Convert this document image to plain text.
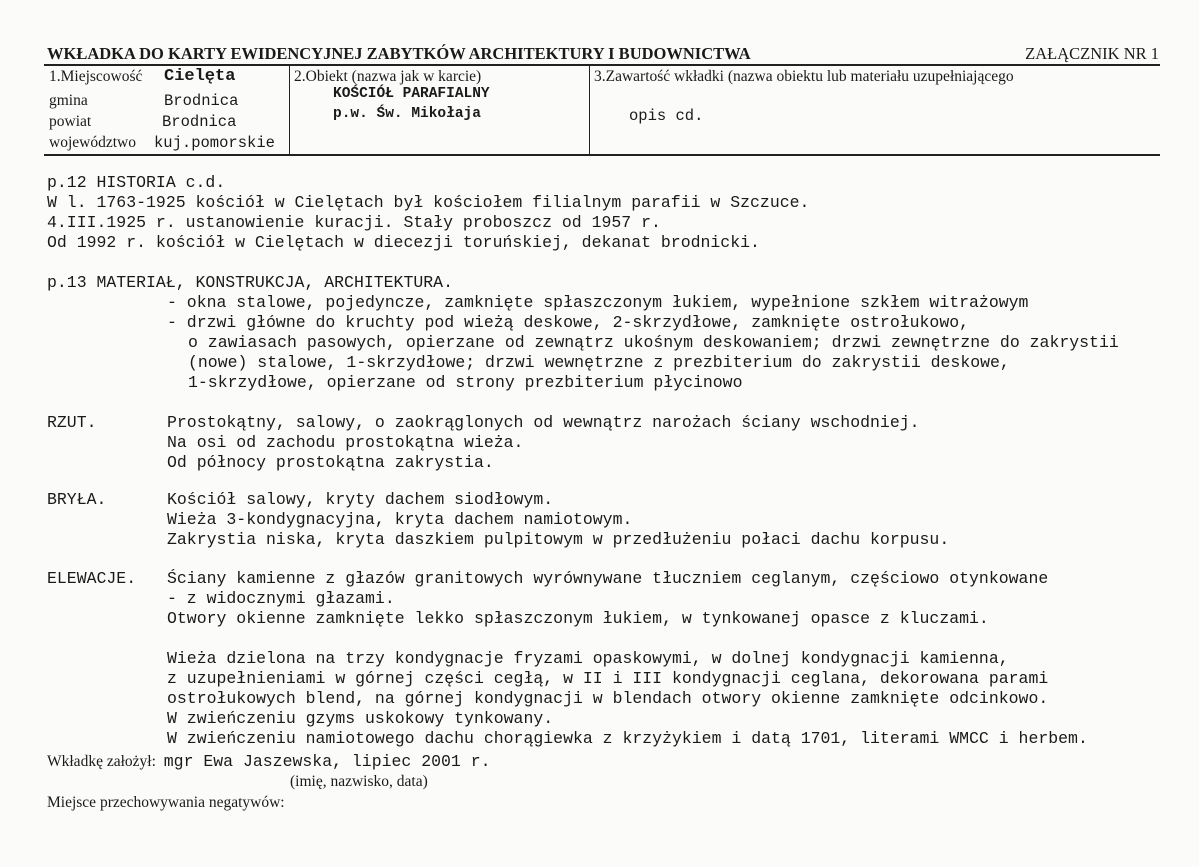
WKŁADKA DO KARTY EWIDENCYJNEJ ZABYTKÓW ARCHITEKTURY I BUDOWNICTWA	ZAŁĄCZNIK NR 1
1.Miejscowość Cielęta
gmina	Brodnica
powiat	Brodnica
województwo kuj.pomorskie
2.Obiekt (nazwa jak w karcie)
KOŚCIÓŁ PARAFIALNY
p.w. Św. Mikołaja
3.Zawartość wkładki (nazwa obiektu lub materiału uzupełniającego
opis cd.
p.12 HISTORIA c.d.
W l. 1763-1925 kościół w Cielętach był kościołem filialnym parafii w Szczuce.
4.III.1925 r. ustanowienie kuracji. Stały proboszcz od 1957 r.
Od 1992 r. kościół w Cielętach w diecezji toruńskiej, dekanat brodnicki.
p.13 MATERIAŁ, KONSTRUKCJA, ARCHITEKTURA.
- okna stalowe, pojedyncze, zamknięte spłaszczonym łukiem, wypełnione szkłem witrażowym
- drzwi główne do kruchty pod wieżą deskowe, 2-skrzydłowe, zamknięte ostrołukowo,
o zawiasach pasowych, opierzane od zewnątrz ukośnym deskowaniem; drzwi zewnętrzne do zakrystii
(nowe) stalowe, 1-skrzydłowe; drzwi wewnętrzne z prezbiterium do zakrystii deskowe,
1-skrzydłowe, opierzane od strony prezbiterium płycinowo
RZUT.	Prostokątny, salowy, o zaokrąglonych od wewnątrz narożach ściany wschodniej.
Na osi od zachodu prostokątna wieża.
Od północy prostokątna zakrystia.
BRYŁA.	Kościół salowy, kryty dachem siodłowym.
Wieża 3-kondygnacyjna, kryta dachem namiotowym.
Zakrystia niska, kryta daszkiem pulpitowym w przedłużeniu połaci dachu korpusu.
ELEWACJE. Ściany kamienne z głazów granitowych wyrównywane tłuczniem ceglanym, częściowo otynkowane
- z widocznymi głazami.
Otwory okienne zamknięte lekko spłaszczonym łukiem, w tynkowanej opasce z kluczami.
Wieża dzielona na trzy kondygnacje fryzami opaskowymi, w dolnej kondygnacji kamienna,
z uzupełnieniami w górnej części cegłą, w II i III kondygnacji ceglana, dekorowana parami
ostrołukowych blend, na górnej kondygnacji w blendach otwory okienne zamknięte odcinkowo.
W zwieńczeniu gzyms uskokowy tynkowany.
W zwieńczeniu namiotowego dachu chorągiewka z krzyżykiem i datą 1701, literami WMCC i herbem.
Wkładkę założył: mgr Ewa Jaszewska, lipiec 2001 r.
(imię, nazwisko, data)
Miejsce przechowywania negatywów:
